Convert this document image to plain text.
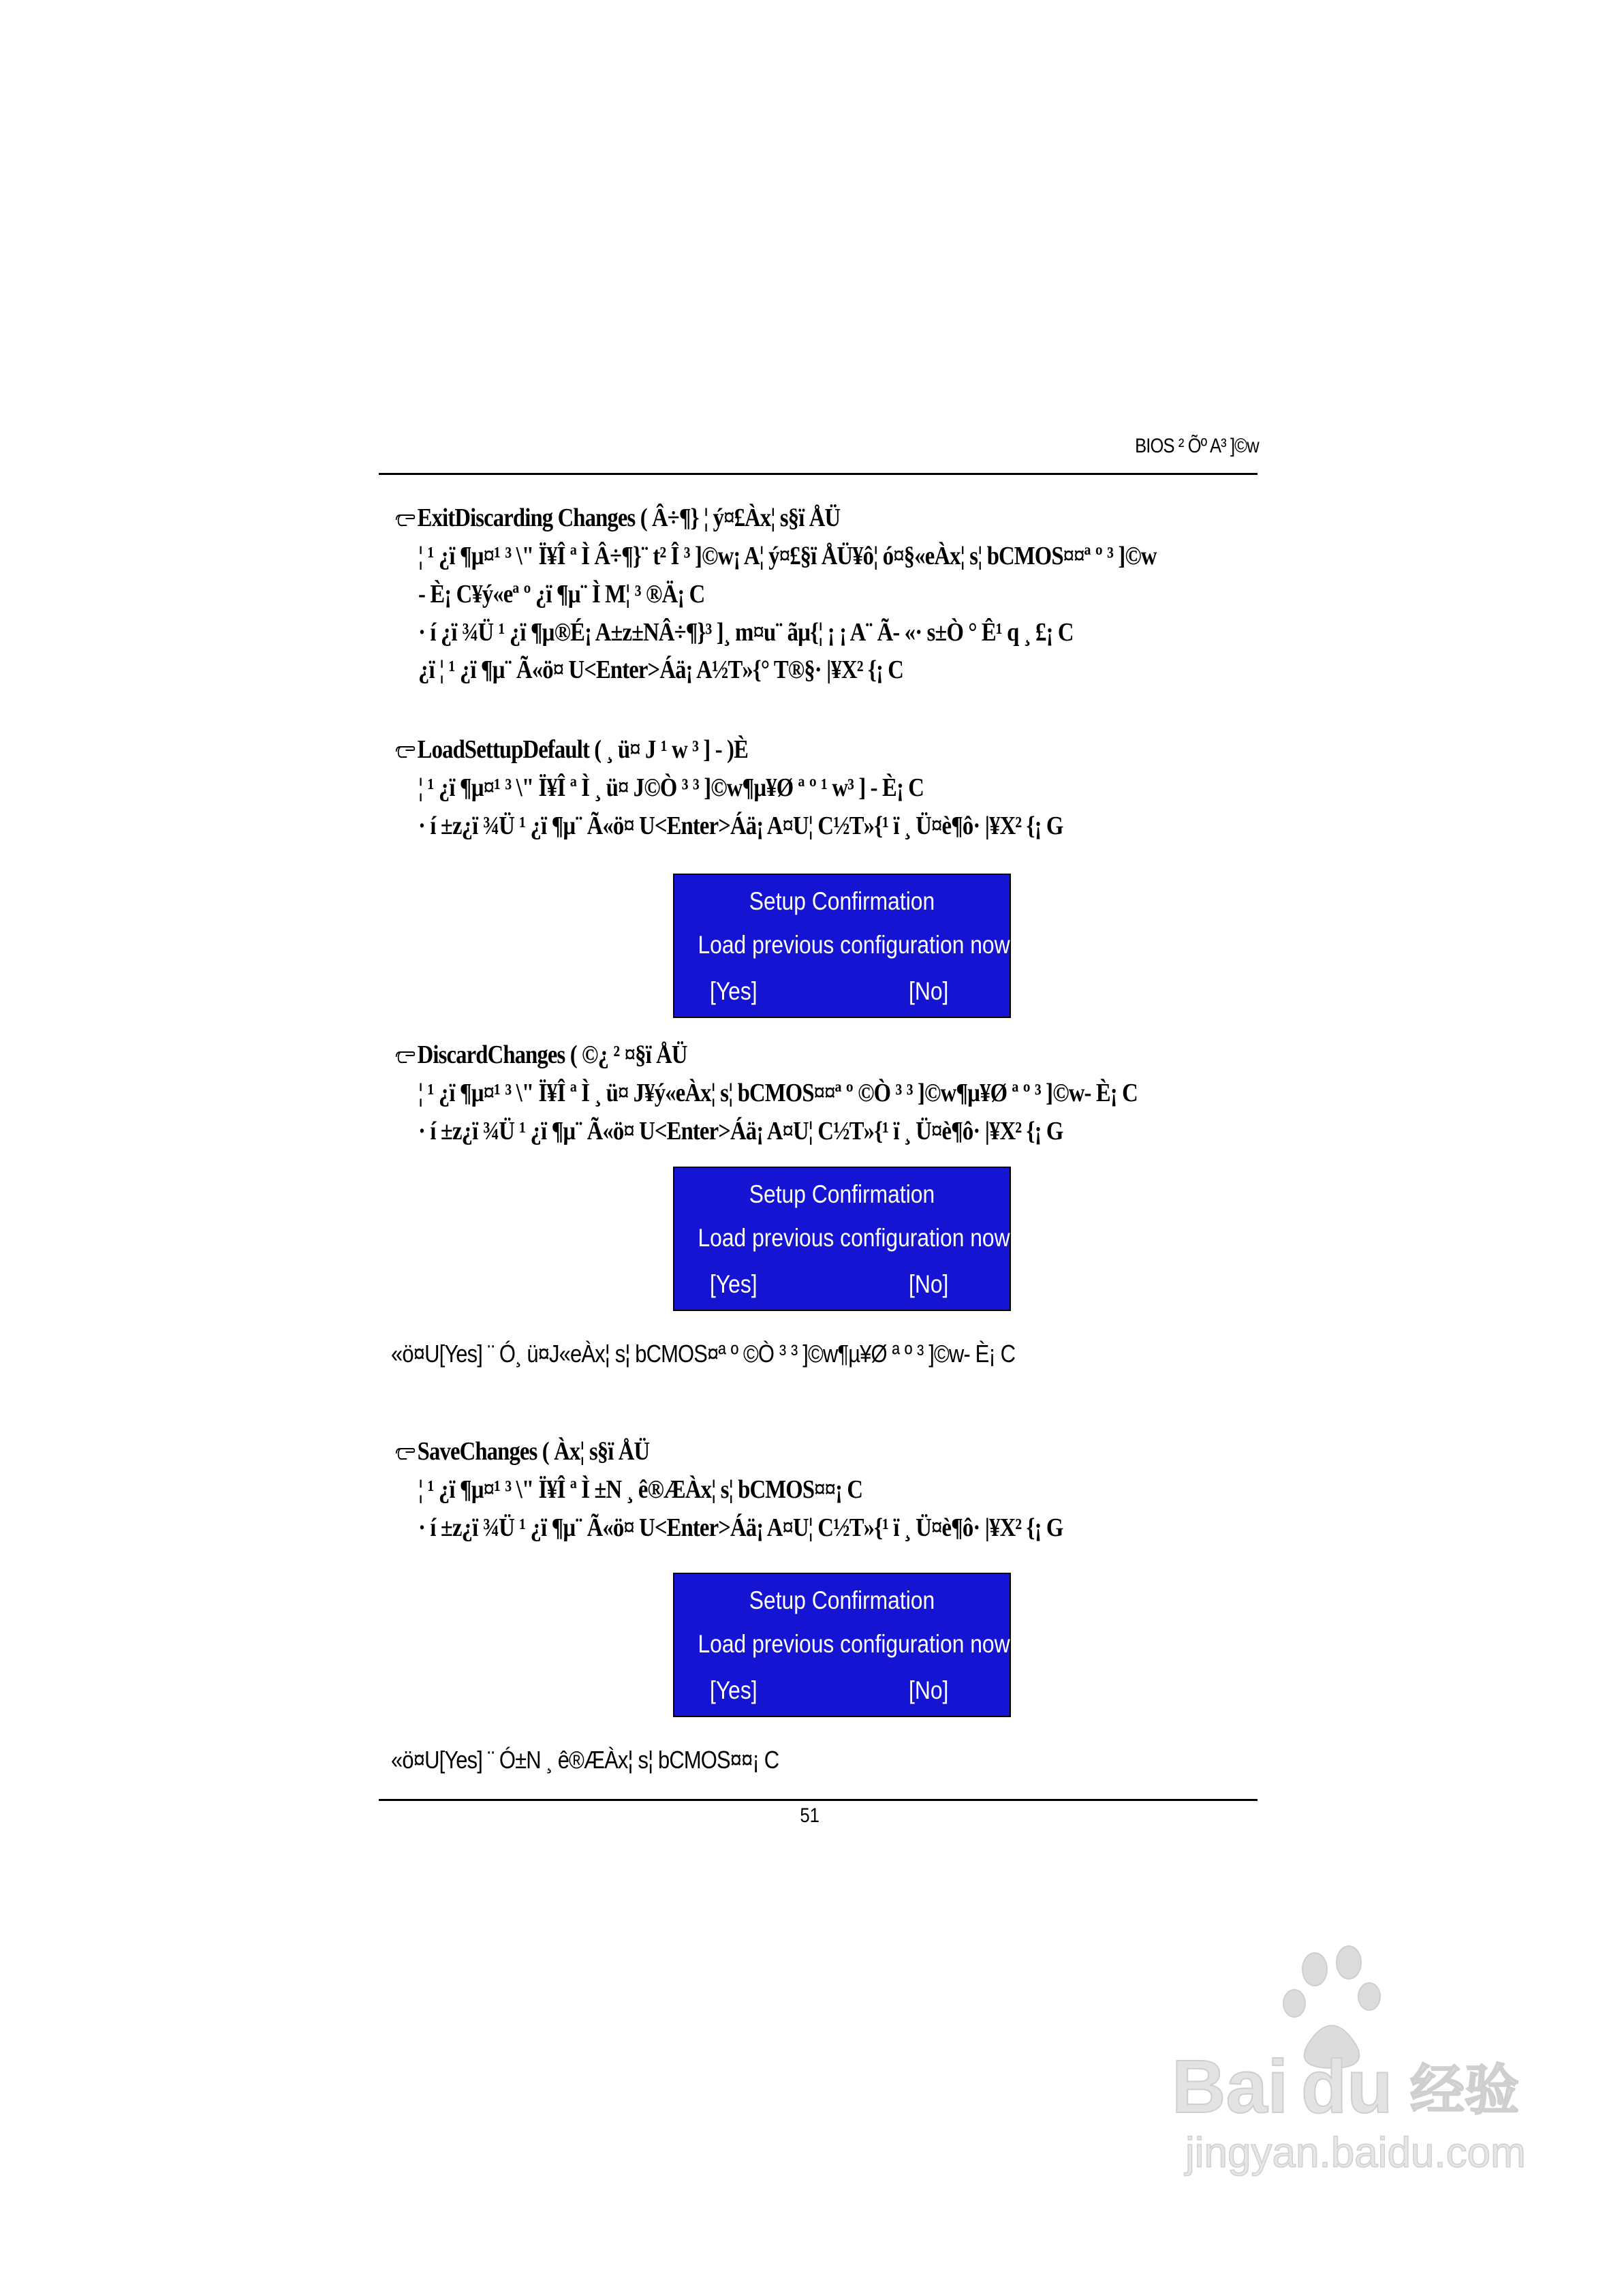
BIOS ² Õº A³ ]©w
ExitDiscarding Changes ( Â÷¶} ¦ ý¤£Àx¦ s§ï ÅÜ
¦ ¹ ¿ï ¶µ¤¹ ³ \" Ï¥Î ª Ì Â÷¶}¨ t² Î ³ ]©w¡ A¦ ý¤£§ï ÅÜ¥ô¦ ó¤§«eÀx¦ s¦ bCMOS¤¤ª º ³ ]©w
- È¡ C¥ý«eª º ¿ï ¶µ¨ Ì M¦ ³ ®Ä¡ C
· í ¿ï ¾Ü ¹ ¿ï ¶µ®É¡ A±z±NÂ÷¶}³ ]¸ m¤u¨ ãµ{¦ ¡ ¡ A¨ Ã- «· s±Ò ° Ê¹ q ¸ £¡ C
¿ï ¦ ¹ ¿ï ¶µ¨ Ã«ö¤ U<Enter>Áä¡ A½T»{° T®§· |¥X² {¡ C
LoadSettupDefault ( ¸ ü¤ J ¹ w ³ ] - )È
¦ ¹ ¿ï ¶µ¤¹ ³ \" Ï¥Î ª Ì ¸ ü¤ J©Ò ³ ³ ]©w¶µ¥Ø ª º ¹ w³ ] - È¡ C
· í ±z¿ï ¾Ü ¹ ¿ï ¶µ¨ Ã«ö¤ U<Enter>Áä¡ A¤U¦ C½T»{¹ ï ¸ Ü¤è¶ô· |¥X² {¡ G
Setup Confirmation
Load previous configuration now?
[Yes]	[No]
DiscardChanges ( ©¿ ² ¤§ï ÅÜ
¦ ¹ ¿ï ¶µ¤¹ ³ \" Ï¥Î ª Ì ¸ ü¤ J¥ý«eÀx¦ s¦ bCMOS¤¤ª º ©Ò ³ ³ ]©w¶µ¥Ø ª º ³ ]©w- È¡ C
· í ±z¿ï ¾Ü ¹ ¿ï ¶µ¨ Ã«ö¤ U<Enter>Áä¡ A¤U¦ C½T»{¹ ï ¸ Ü¤è¶ô· |¥X² {¡ G
Setup Confirmation
Load previous configuration now?
[Yes]	[No]
«ö¤U[Yes] ¨ Ó¸ ü¤J«eÀx¦ s¦ bCMOS¤ª º ©Ò ³ ³ ]©w¶µ¥Ø ª º ³ ]©w- È¡ C
SaveChanges ( Àx¦ s§ï ÅÜ
¦ ¹ ¿ï ¶µ¤¹ ³ \" Ï¥Î ª Ì ±N ¸ ê®ÆÀx¦ s¦ bCMOS¤¤¡ C
· í ±z¿ï ¾Ü ¹ ¿ï ¶µ¨ Ã«ö¤ U<Enter>Áä¡ A¤U¦ C½T»{¹ ï ¸ Ü¤è¶ô· |¥X² {¡ G
Setup Confirmation
Load previous configuration now?
[Yes]	[No]
«ö¤U[Yes] ¨ Ó±N ¸ ê®ÆÀx¦ s¦ bCMOS¤¤¡ C
51
Bai du 经验
jingyan.baidu.com
